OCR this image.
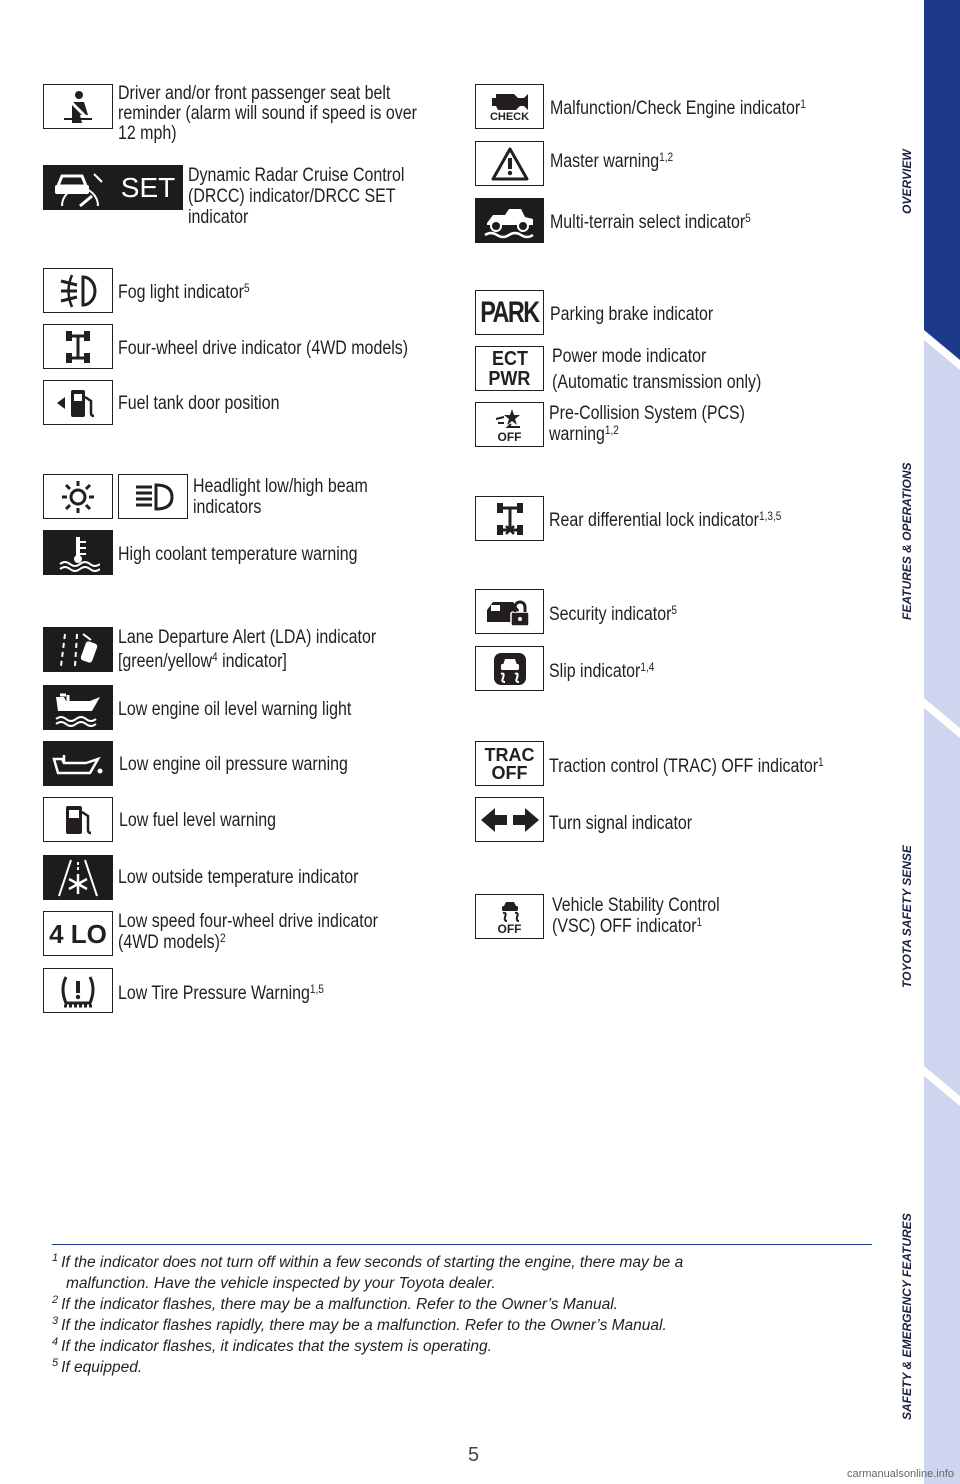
OVERVIEW
FEATURES & OPERATIONS
TOYOTA SAFETY SENSE
SAFETY & EMERGENCY FEATURES
Driver and/or front passenger seat belt
reminder (alarm will sound if speed is over
12 mph)
SET Dynamic Radar Cruise Control
(DRCC) indicator/DRCC SET
indicator
Fog light indicator$^5$
Four-wheel drive indicator (4WD models)
Fuel tank door position
Headlight low/high beam
indicators
High coolant temperature warning
Lane Departure Alert (LDA) indicator
[green/yellow$^4$ indicator]
Low engine oil level warning light
Low engine oil pressure warning
Low fuel level warning
Low outside temperature indicator
4 LO Low speed four-wheel drive indicator
(4WD models)$^2$
Low Tire Pressure Warning$^{1,5}$
CHECK Malfunction/Check Engine indicator$^1$
Master warning$^{1,2}$
Multi-terrain select indicator$^5$
PARK Parking brake indicator
ECT
PWR
Power mode indicator
(Automatic transmission only)
OFF
Pre-Collision System (PCS)
warning$^{1,2}$
Rear differential lock indicator$^{1,3,5}$
Security indicator$^5$
Slip indicator$^{1,4}$
TRAC
OFF Traction control (TRAC) OFF indicator$^1$
Turn signal indicator
OFF
Vehicle Stability Control
(VSC) OFF indicator$^1$

$^1$ If the indicator does not turn off within a few seconds of starting the engine, there may be a

malfunction. Have the vehicle inspected by your Toyota dealer.

$^2$ If the indicator flashes, there may be a malfunction. Refer to the Owner’s Manual.

$^3$ If the indicator flashes rapidly, there may be a malfunction. Refer to the Owner’s Manual.

$^4$ If the indicator flashes, it indicates that the system is operating.

$^5$ If equipped.

5
carmanualsonline.info
